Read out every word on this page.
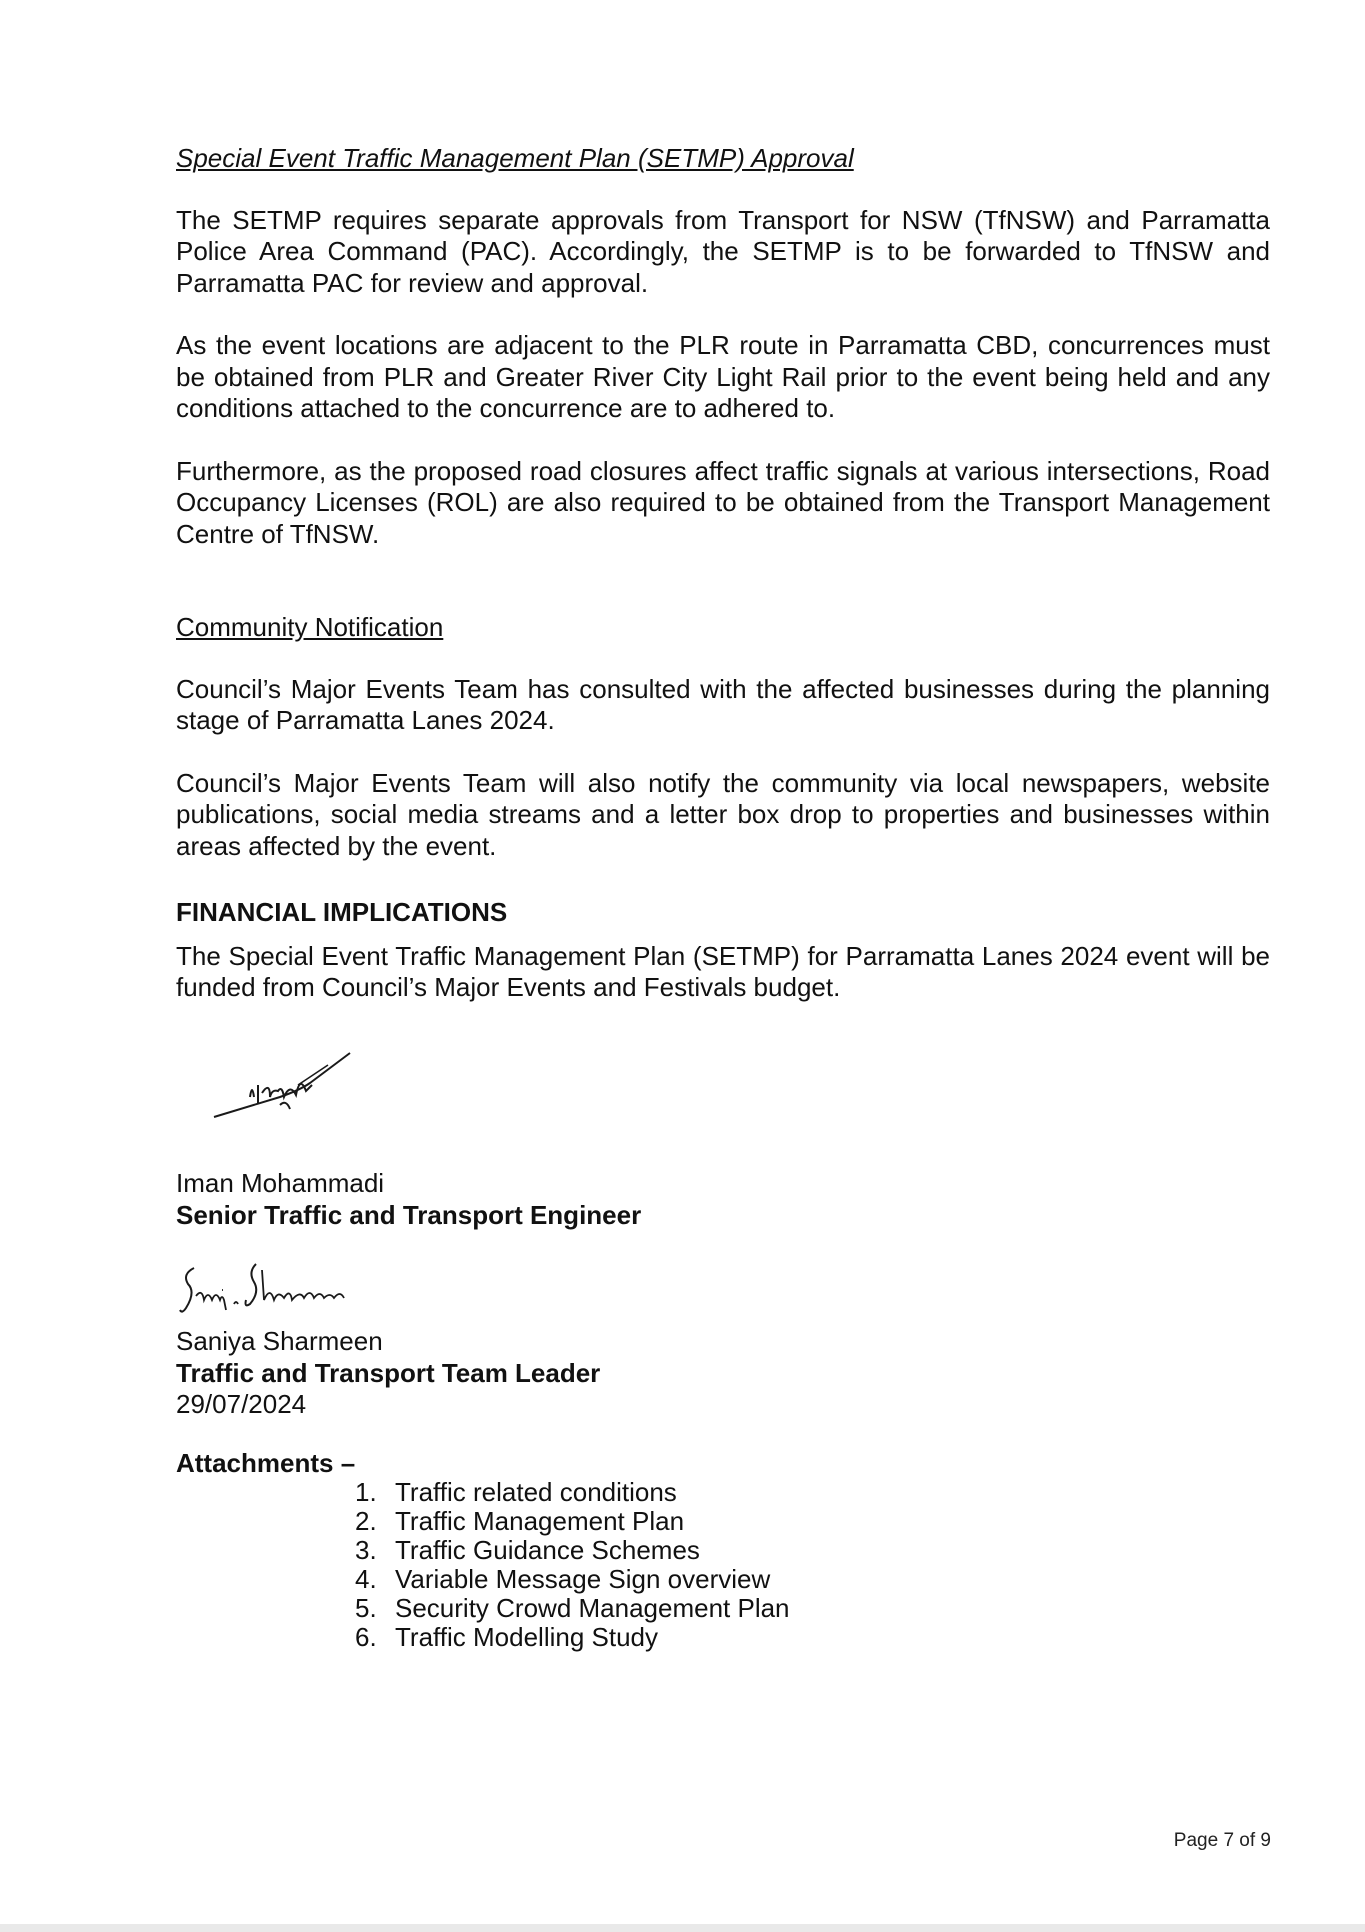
Special Event Traffic Management Plan (SETMP) Approval

The SETMP requires separate approvals from Transport for NSW (TfNSW) and Parramatta Police Area Command (PAC). Accordingly, the SETMP is to be forwarded to TfNSW and Parramatta PAC for review and approval.

As the event locations are adjacent to the PLR route in Parramatta CBD, concurrences must be obtained from PLR and Greater River City Light Rail prior to the event being held and any conditions attached to the concurrence are to adhered to.

Furthermore, as the proposed road closures affect traffic signals at various intersections, Road Occupancy Licenses (ROL) are also required to be obtained from the Transport Management Centre of TfNSW.

Community Notification

Council’s Major Events Team has consulted with the affected businesses during the planning stage of Parramatta Lanes 2024.

Council’s Major Events Team will also notify the community via local newspapers, website publications, social media streams and a letter box drop to properties and businesses within areas affected by the event.

FINANCIAL IMPLICATIONS

The Special Event Traffic Management Plan (SETMP) for Parramatta Lanes 2024 event will be funded from Council’s Major Events and Festivals budget.

Iman Mohammadi

Senior Traffic and Transport Engineer

Saniya Sharmeen

Traffic and Transport Team Leader

29/07/2024

Attachments –

1. Traffic related conditions
2. Traffic Management Plan
3. Traffic Guidance Schemes
4. Variable Message Sign overview
5. Security Crowd Management Plan
6. Traffic Modelling Study
Page 7 of 9
